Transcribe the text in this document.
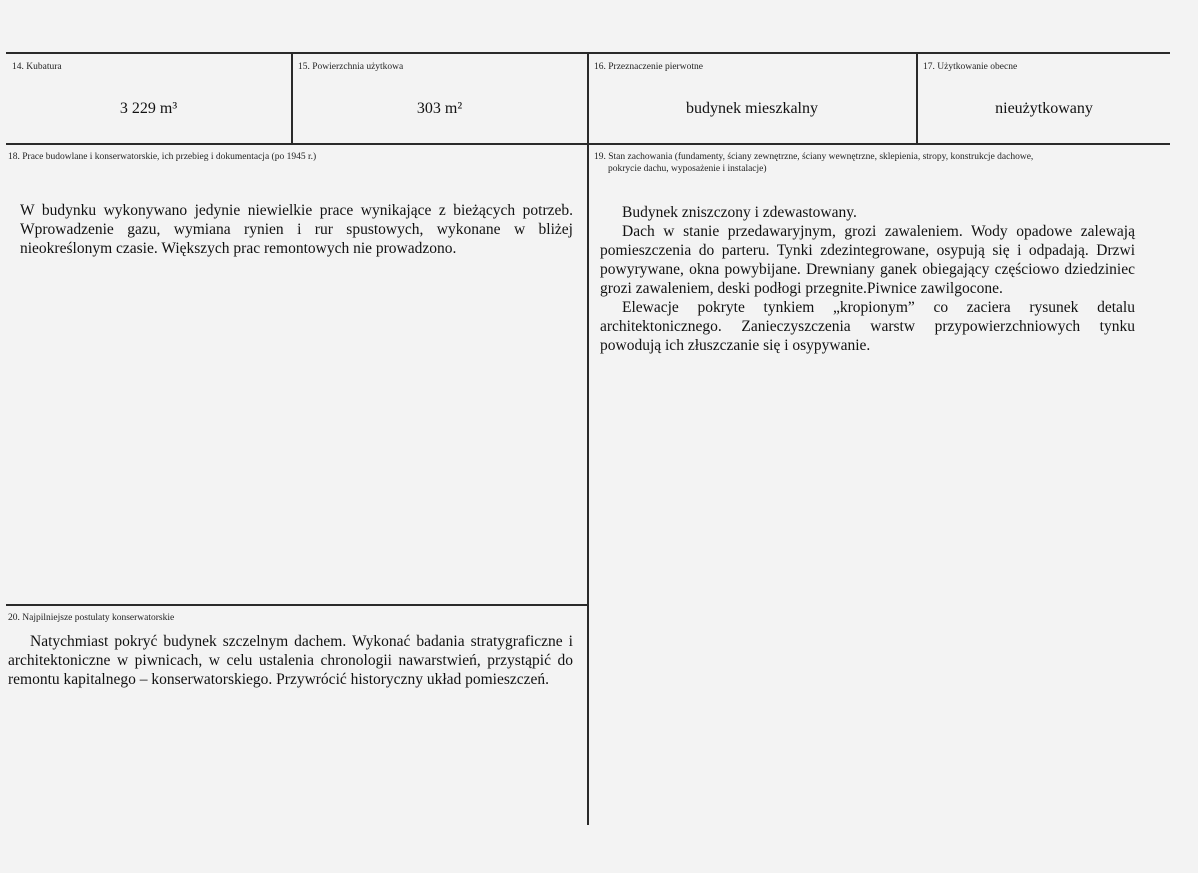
14. Kubatura
3 229 m³
15. Powierzchnia użytkowa
303 m²
16. Przeznaczenie pierwotne
budynek mieszkalny
17. Użytkowanie obecne
nieużytkowany
18. Prace budowlane i konserwatorskie, ich przebieg i dokumentacja (po 1945 r.)

W budynku wykonywano jedynie niewielkie prace wynikające z bieżących potrzeb. Wprowadzenie gazu, wymiana rynien i rur spustowych, wykonane w bliżej nieokreślonym czasie. Większych prac remontowych nie prowadzono.

19. Stan zachowania (fundamenty, ściany zewnętrzne, ściany wewnętrzne, sklepienia, stropy, konstrukcje dachowe,
pokrycie dachu, wyposażenie i instalacje)

Budynek zniszczony i zdewastowany.

Dach w stanie przedawaryjnym, grozi zawaleniem. Wody opadowe zalewają pomieszczenia do parteru. Tynki zdezintegrowane, osypują się i odpadają. Drzwi powyrywane, okna powybijane. Drewniany ganek obiegający częściowo dziedziniec grozi zawaleniem, deski podłogi przegnite.Piwnice zawilgocone.

Elewacje pokryte tynkiem „kropionym” co zaciera rysunek detalu architektonicznego. Zanieczyszczenia warstw przypowierzchniowych tynku powodują ich złuszczanie się i osypywanie.

20. Najpilniejsze postulaty konserwatorskie

Natychmiast pokryć budynek szczelnym dachem. Wykonać badania stratygraficzne i architektoniczne w piwnicach, w celu ustalenia chronologii nawarstwień, przystąpić do remontu kapitalnego – konserwatorskiego. Przywrócić historyczny układ pomieszczeń.
